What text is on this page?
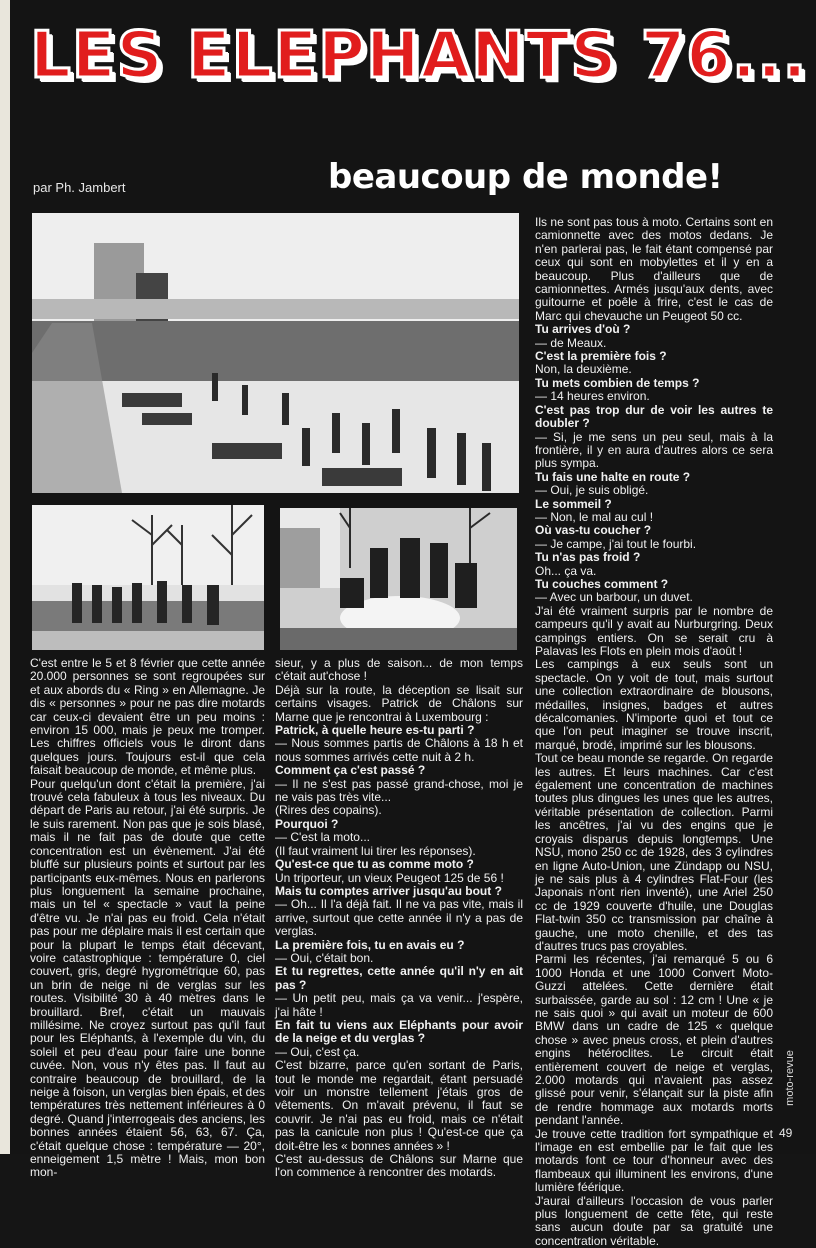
LES ELEPHANTS 76...
par Ph. Jambert	beaucoup de monde!

Ils ne sont pas tous à moto. Certains sont en camionnette avec des motos dedans. Je n'en parlerai pas, le fait étant compensé par ceux qui sont en mobylettes et il y en a beaucoup. Plus d'ailleurs que de camionnettes. Armés jusqu'aux dents, avec guitourne et poêle à frire, c'est le cas de Marc qui chevauche un Peugeot 50 cc.

Tu arrives d'où ?

— de Meaux.

C'est la première fois ?

Non, la deuxième.

Tu mets combien de temps ?

— 14 heures environ.

C'est pas trop dur de voir les autres te doubler ?

— Si, je me sens un peu seul, mais à la frontière, il y en aura d'autres alors ce sera plus sympa.

Tu fais une halte en route ?

— Oui, je suis obligé.

Le sommeil ?

— Non, le mal au cul !

Où vas-tu coucher ?

— Je campe, j'ai tout le fourbi.

Tu n'as pas froid ?

Oh... ça va.

Tu couches comment ?

— Avec un barbour, un duvet.

J'ai été vraiment surpris par le nombre de campeurs qu'il y avait au Nurburgring. Deux campings entiers. On se serait cru à Palavas les Flots en plein mois d'août !

Les campings à eux seuls sont un spectacle. On y voit de tout, mais surtout une collection extraordinaire de blousons, médailles, insignes, badges et autres décalcomanies. N'importe quoi et tout ce que l'on peut imaginer se trouve inscrit, marqué, brodé, imprimé sur les blousons.

Tout ce beau monde se regarde. On regarde les autres. Et leurs machines. Car c'est également une concentration de machines toutes plus dingues les unes que les autres, véritable présentation de collection. Parmi les ancêtres, j'ai vu des engins que je croyais disparus depuis longtemps. Une NSU, mono 250 cc de 1928, des 3 cylindres en ligne Auto-Union, une Zündapp ou NSU, je ne sais plus à 4 cylindres Flat-Four (les Japonais n'ont rien inventé), une Ariel 250 cc de 1929 couverte d'huile, une Douglas Flat-twin 350 cc transmission par chaîne à gauche, une moto chenille, et des tas d'autres trucs pas croyables.

Parmi les récentes, j'ai remarqué 5 ou 6 1000 Honda et une 1000 Convert Moto-Guzzi attelées. Cette dernière était surbaissée, garde au sol : 12 cm ! Une « je ne sais quoi » qui avait un moteur de 600 BMW dans un cadre de 125 « quelque chose » avec pneus cross, et plein d'autres engins hétéroclites. Le circuit était entièrement couvert de neige et verglas, 2.000 motards qui n'avaient pas assez glissé pour venir, s'élançait sur la piste afin de rendre hommage aux motards morts pendant l'année.

Je trouve cette tradition fort sympathique et l'image en est embellie par le fait que les motards font ce tour d'honneur avec des flambeaux qui illuminent les environs, d'une lumière féérique.

J'aurai d'ailleurs l'occasion de vous parler plus longuement de cette fête, qui reste sans aucun doute par sa gratuité une concentration véritable.

C'est entre le 5 et 8 février que cette année 20.000 personnes se sont regroupées sur et aux abords du « Ring » en Allemagne. Je dis « personnes » pour ne pas dire motards car ceux-ci devaient être un peu moins : environ 15 000, mais je peux me tromper. Les chiffres officiels vous le diront dans quelques jours. Toujours est-il que cela faisait beaucoup de monde, et même plus.

Pour quelqu'un dont c'était la première, j'ai trouvé cela fabuleux à tous les niveaux. Du départ de Paris au retour, j'ai été surpris. Je le suis rarement. Non pas que je sois blasé, mais il ne fait pas de doute que cette concentration est un évènement. J'ai été bluffé sur plusieurs points et surtout par les participants eux-mêmes. Nous en parlerons plus longuement la semaine prochaine, mais un tel « spectacle » vaut la peine d'être vu. Je n'ai pas eu froid. Cela n'était pas pour me déplaire mais il est certain que pour la plupart le temps était décevant, voire catastrophique : température 0, ciel couvert, gris, degré hygrométrique 60, pas un brin de neige ni de verglas sur les routes. Visibilité 30 à 40 mètres dans le brouillard. Bref, c'était un mauvais millésime. Ne croyez surtout pas qu'il faut pour les Eléphants, à l'exemple du vin, du soleil et peu d'eau pour faire une bonne cuvée. Non, vous n'y êtes pas. Il faut au contraire beaucoup de brouillard, de la neige à foison, un verglas bien épais, et des températures très nettement inférieures à 0 degré. Quand j'interrogeais des anciens, les bonnes années étaient 56, 63, 67. Ça, c'était quelque chose : température — 20°, enneigement 1,5 mètre ! Mais, mon bon mon-

sieur, y a plus de saison... de mon temps c'était aut'chose !

Déjà sur la route, la déception se lisait sur certains visages. Patrick de Châlons sur Marne que je rencontrai à Luxembourg :

Patrick, à quelle heure es-tu parti ?

— Nous sommes partis de Châlons à 18 h et nous sommes arrivés cette nuit à 2 h.

Comment ça c'est passé ?

— Il ne s'est pas passé grand-chose, moi je ne vais pas très vite...

(Rires des copains).

Pourquoi ?

— C'est la moto...

(Il faut vraiment lui tirer les réponses).

Qu'est-ce que tu as comme moto ?

Un triporteur, un vieux Peugeot 125 de 56 !

Mais tu comptes arriver jusqu'au bout ?

— Oh... Il l'a déjà fait. Il ne va pas vite, mais il arrive, surtout que cette année il n'y a pas de verglas.

La première fois, tu en avais eu ?

— Oui, c'était bon.

Et tu regrettes, cette année qu'il n'y en ait pas ?

— Un petit peu, mais ça va venir... j'espère, j'ai hâte !

En fait tu viens aux Eléphants pour avoir de la neige et du verglas ?

— Oui, c'est ça.

C'est bizarre, parce qu'en sortant de Paris, tout le monde me regardait, étant persuadé voir un monstre tellement j'étais gros de vêtements. On m'avait prévenu, il faut se couvrir. Je n'ai pas eu froid, mais ce n'était pas la canicule non plus ! Qu'est-ce que ça doit-être les « bonnes années » !

C'est au-dessus de Châlons sur Marne que l'on commence à rencontrer des motards.

moto-revue
49
